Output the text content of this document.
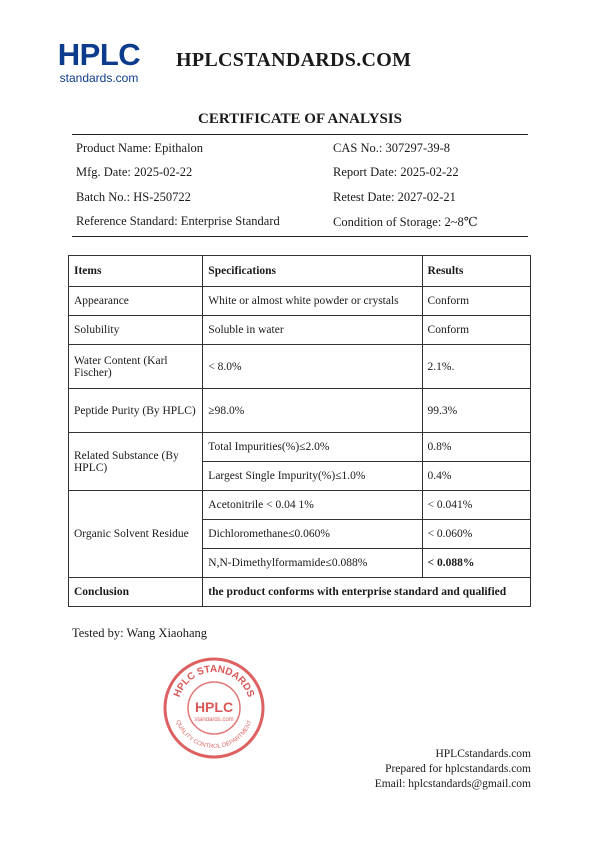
HPLC
standards.com
HPLCSTANDARDS.COM
CERTIFICATE OF ANALYSIS
Product Name: Epithalon	CAS No.: 307297-39-8
Mfg. Date: 2025-02-22	Report Date: 2025-02-22
Batch No.: HS-250722	Retest Date: 2027-02-21
Reference Standard: Enterprise Standard	Condition of Storage: 2~8℃
Items	Specifications	Results
Appearance	White or almost white powder or crystals	Conform
Solubility	Soluble in water	Conform
Water Content (Karl Fischer)	< 8.0%	2.1%.
Peptide Purity (By HPLC)	≥98.0%	99.3%
Related Substance (By HPLC)	Total Impurities(%)≤2.0%	0.8%
	Largest Single Impurity(%)≤1.0%	0.4%
Organic Solvent Residue	Acetonitrile < 0.04 1%	< 0.041%
	Dichloromethane≤0.060%	< 0.060%
	N,N-Dimethylformamide≤0.088%	< 0.088%
Conclusion	the product conforms with enterprise standard and qualified	
Tested by: Wang Xiaohang
HPLC STANDARDS
QUALITY CONTROL DEPARTMENT
HPLC
standards.com
HPLCstandards.com
Prepared for hplcstandards.com
Email: hplcstandards@gmail.com
